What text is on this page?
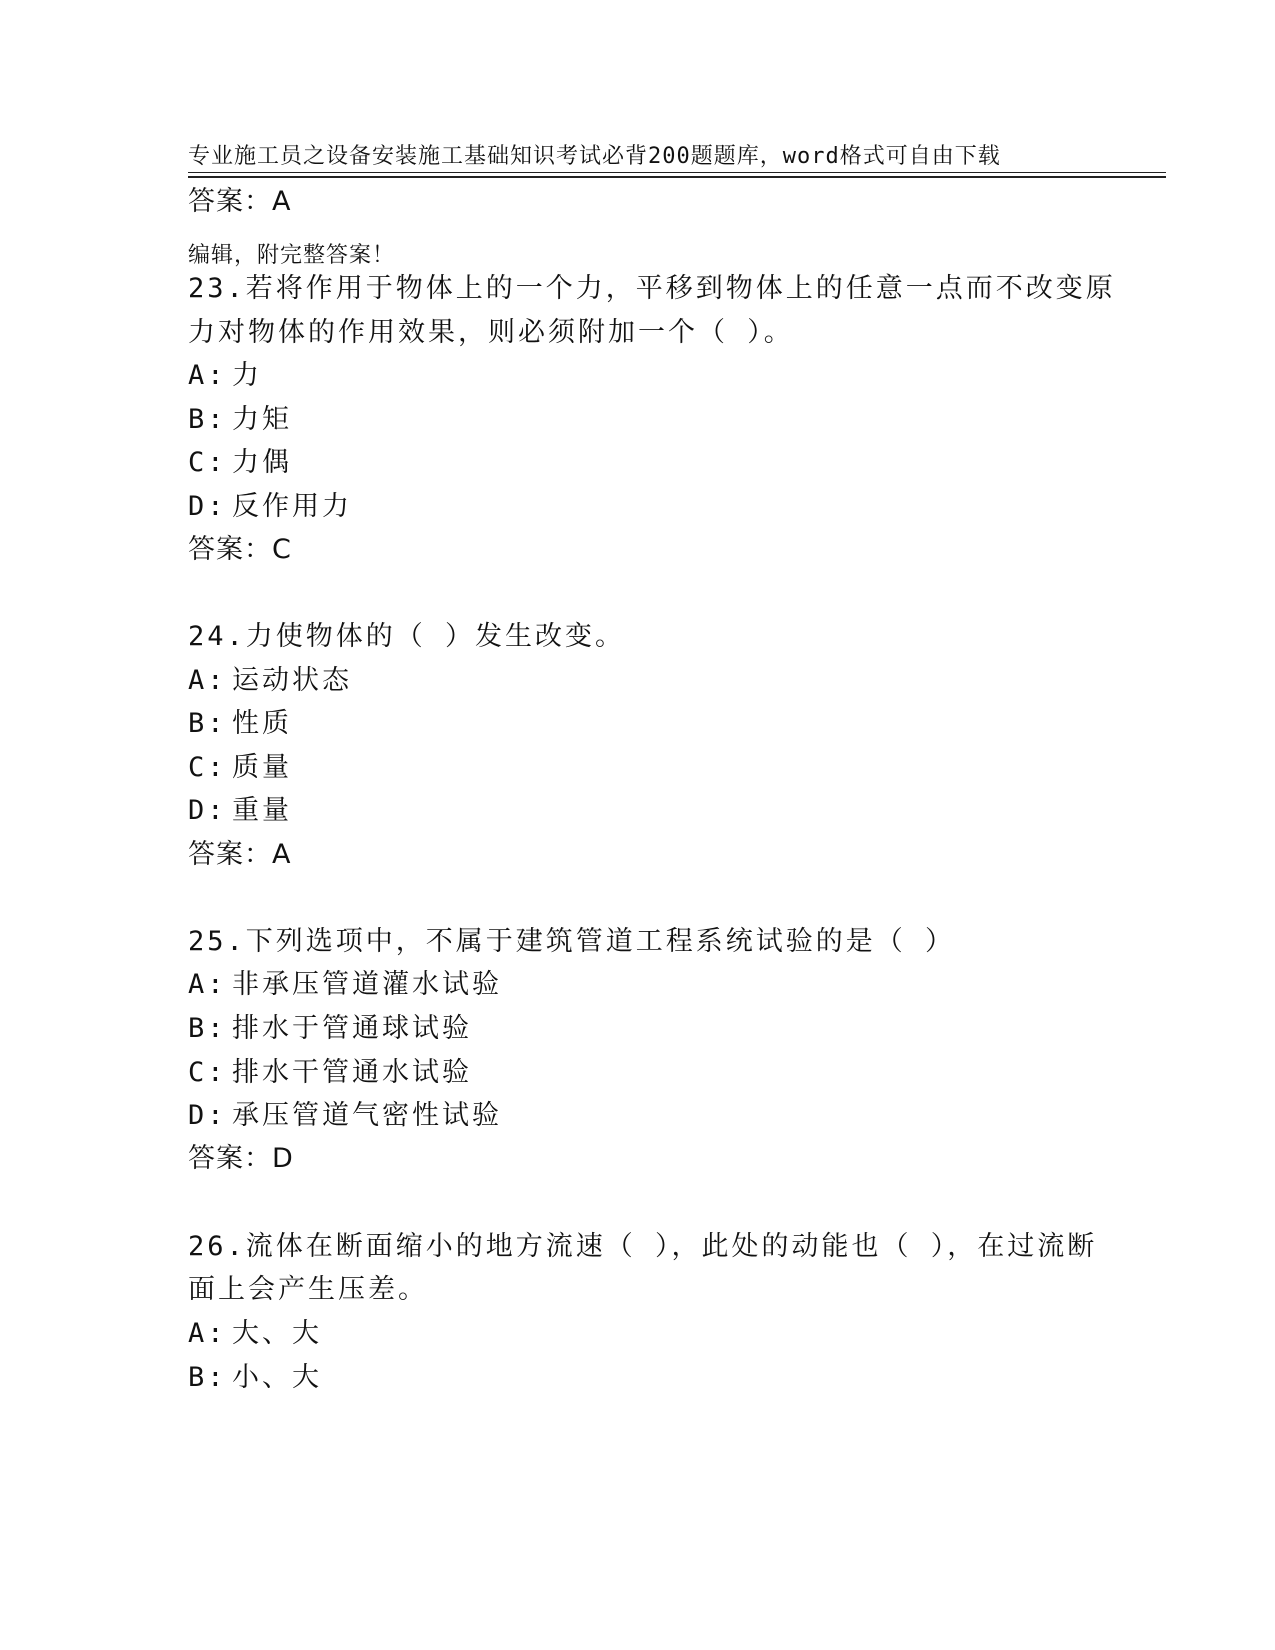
专业施工员之设备安装施工基础知识考试必背200题题库，word格式可自由下载

编辑，附完整答案！

答案：A
23.若将作用于物体上的一个力，平移到物体上的任意一点而不改变原
力对物体的作用效果，则必须附加一个（ ）。
A: 力
B: 力矩
C: 力偶
D: 反作用力
答案：C
24.力使物体的（ ）发生改变。
A: 运动状态
B: 性质
C: 质量
D: 重量
答案：A
25.下列选项中，不属于建筑管道工程系统试验的是（ ）
A: 非承压管道灌水试验
B: 排水于管通球试验
C: 排水干管通水试验
D: 承压管道气密性试验
答案：D
26.流体在断面缩小的地方流速（ ），此处的动能也（ ），在过流断
面上会产生压差。
A: 大、大
B: 小、大
